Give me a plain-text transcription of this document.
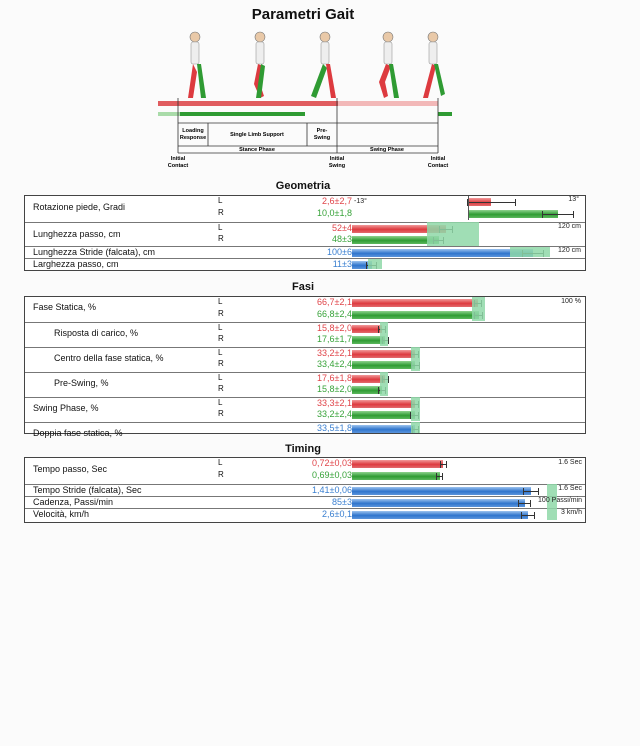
Parametri Gait
Loading Response	Single Limb Support
Pre-Swing
Stance Phase	Swing Phase
Initial Contact
Initial Swing
Initial Contact
Geometria
Rotazione piede, Gradi
L	2,6±2,7
R	10,0±1,8
Lunghezza passo, cm
L	52±4
R	48±3
Lunghezza Stride (falcata), cm	100±6
Larghezza passo, cm	11±3
-13°	13°
120 cm
120 cm
Fasi
Fase Statica, %
L	66,7±2,1
R	66,8±2,4
Risposta di carico, %
L	15,8±2,0
R	17,6±1,7
Centro della fase statica, %
L	33,2±2,1
R	33,4±2,4
Pre-Swing, %
L	17,6±1,8
R	15,8±2,0
Swing Phase, %
L	33,3±2,1
R	33,2±2,4
Doppia fase statica, %	33,5±1,8
100 %
Timing
Tempo passo, Sec
L	0,72±0,03
R	0,69±0,03
Tempo Stride (falcata), Sec	1,41±0,06
Cadenza, Passi/min	85±3
Velocità, km/h	2,6±0,1
1.6 Sec
1.6 Sec
100 Passi/min
3 km/h
